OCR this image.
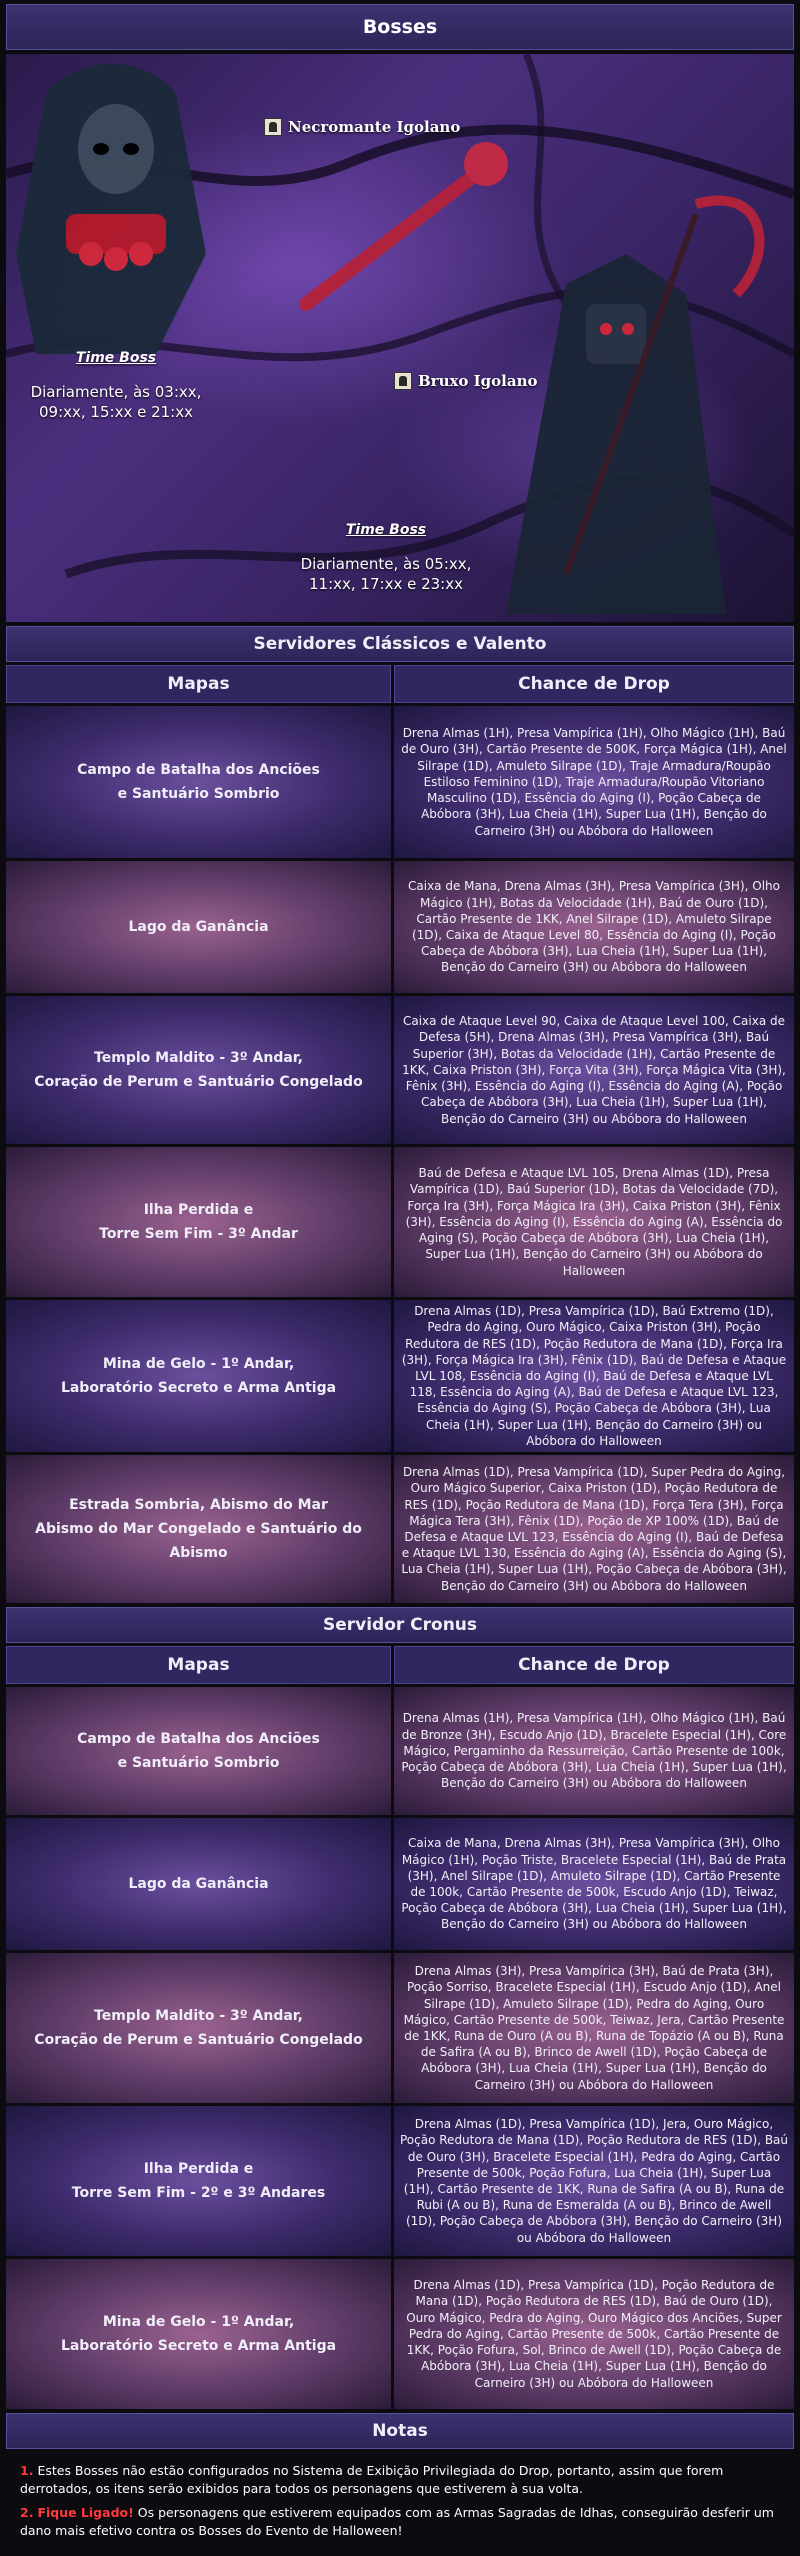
Bosses
Necromante Igolano
Time Boss
Diariamente, às 03:xx, 09:xx, 15:xx e 21:xx
Bruxo Igolano
Time Boss
Diariamente, às 05:xx, 11:xx, 17:xx e 23:xx
Servidores Clássicos e Valento
Mapas	Chance de Drop
Campo de Batalha dos Anciões
e Santuário Sombrio
Drena Almas (1H), Presa Vampírica (1H), Olho Mágico (1H), Baú de Ouro (3H), Cartão Presente de 500K, Força Mágica (1H), Anel Silrape (1D), Amuleto Silrape (1D), Traje Armadura/Roupão Estiloso Feminino (1D), Traje Armadura/Roupão Vitoriano Masculino (1D), Essência do Aging (I), Poção Cabeça de Abóbora (3H), Lua Cheia (1H), Super Lua (1H), Benção do Carneiro (3H) ou Abóbora do Halloween
Lago da Ganância
Caixa de Mana, Drena Almas (3H), Presa Vampírica (3H), Olho Mágico (1H), Botas da Velocidade (1H), Baú de Ouro (1D), Cartão Presente de 1KK, Anel Silrape (1D), Amuleto Silrape (1D), Caixa de Ataque Level 80, Essência do Aging (I), Poção Cabeça de Abóbora (3H), Lua Cheia (1H), Super Lua (1H), Benção do Carneiro (3H) ou Abóbora do Halloween
Templo Maldito - 3º Andar,
Coração de Perum e Santuário Congelado
Caixa de Ataque Level 90, Caixa de Ataque Level 100, Caixa de Defesa (5H), Drena Almas (3H), Presa Vampírica (3H), Baú Superior (3H), Botas da Velocidade (1H), Cartão Presente de 1KK, Caixa Priston (3H), Força Vita (3H), Força Mágica Vita (3H), Fênix (3H), Essência do Aging (I), Essência do Aging (A), Poção Cabeça de Abóbora (3H), Lua Cheia (1H), Super Lua (1H), Benção do Carneiro (3H) ou Abóbora do Halloween
Ilha Perdida e
Torre Sem Fim - 3º Andar
Baú de Defesa e Ataque LVL 105, Drena Almas (1D), Presa Vampírica (1D), Baú Superior (1D), Botas da Velocidade (7D), Força Ira (3H), Força Mágica Ira (3H), Caixa Priston (3H), Fênix (3H), Essência do Aging (I), Essência do Aging (A), Essência do Aging (S), Poção Cabeça de Abóbora (3H), Lua Cheia (1H), Super Lua (1H), Benção do Carneiro (3H) ou Abóbora do Halloween
Mina de Gelo - 1º Andar,
Laboratório Secreto e Arma Antiga
Drena Almas (1D), Presa Vampírica (1D), Baú Extremo (1D), Pedra do Aging, Ouro Mágico, Caixa Priston (3H), Poção Redutora de RES (1D), Poção Redutora de Mana (1D), Força Ira (3H), Força Mágica Ira (3H), Fênix (1D), Baú de Defesa e Ataque LVL 108, Essência do Aging (I), Baú de Defesa e Ataque LVL 118, Essência do Aging (A), Baú de Defesa e Ataque LVL 123, Essência do Aging (S), Poção Cabeça de Abóbora (3H), Lua Cheia (1H), Super Lua (1H), Benção do Carneiro (3H) ou Abóbora do Halloween
Estrada Sombria, Abismo do Mar
Abismo do Mar Congelado e Santuário do Abismo
Drena Almas (1D), Presa Vampírica (1D), Super Pedra do Aging, Ouro Mágico Superior, Caixa Priston (1D), Poção Redutora de RES (1D), Poção Redutora de Mana (1D), Força Tera (3H), Força Mágica Tera (3H), Fênix (1D), Poção de XP 100% (1D), Baú de Defesa e Ataque LVL 123, Essência do Aging (I), Baú de Defesa e Ataque LVL 130, Essência do Aging (A), Essência do Aging (S), Lua Cheia (1H), Super Lua (1H), Poção Cabeça de Abóbora (3H), Benção do Carneiro (3H) ou Abóbora do Halloween
Servidor Cronus
Mapas	Chance de Drop
Campo de Batalha dos Anciões
e Santuário Sombrio
Drena Almas (1H), Presa Vampírica (1H), Olho Mágico (1H), Baú de Bronze (3H), Escudo Anjo (1D), Bracelete Especial (1H), Core Mágico, Pergaminho da Ressurreição, Cartão Presente de 100k, Poção Cabeça de Abóbora (3H), Lua Cheia (1H), Super Lua (1H), Benção do Carneiro (3H) ou Abóbora do Halloween
Lago da Ganância
Caixa de Mana, Drena Almas (3H), Presa Vampírica (3H), Olho Mágico (1H), Poção Triste, Bracelete Especial (1H), Baú de Prata (3H), Anel Silrape (1D), Amuleto Silrape (1D), Cartão Presente de 100k, Cartão Presente de 500k, Escudo Anjo (1D), Teiwaz, Poção Cabeça de Abóbora (3H), Lua Cheia (1H), Super Lua (1H), Benção do Carneiro (3H) ou Abóbora do Halloween
Templo Maldito - 3º Andar,
Coração de Perum e Santuário Congelado
Drena Almas (3H), Presa Vampírica (3H), Baú de Prata (3H), Poção Sorriso, Bracelete Especial (1H), Escudo Anjo (1D), Anel Silrape (1D), Amuleto Silrape (1D), Pedra do Aging, Ouro Mágico, Cartão Presente de 500k, Teiwaz, Jera, Cartão Presente de 1KK, Runa de Ouro (A ou B), Runa de Topázio (A ou B), Runa de Safira (A ou B), Brinco de Awell (1D), Poção Cabeça de Abóbora (3H), Lua Cheia (1H), Super Lua (1H), Benção do Carneiro (3H) ou Abóbora do Halloween
Ilha Perdida e
Torre Sem Fim - 2º e 3º Andares
Drena Almas (1D), Presa Vampírica (1D), Jera, Ouro Mágico, Poção Redutora de Mana (1D), Poção Redutora de RES (1D), Baú de Ouro (3H), Bracelete Especial (1H), Pedra do Aging, Cartão Presente de 500k, Poção Fofura, Lua Cheia (1H), Super Lua (1H), Cartão Presente de 1KK, Runa de Safira (A ou B), Runa de Rubi (A ou B), Runa de Esmeralda (A ou B), Brinco de Awell (1D), Poção Cabeça de Abóbora (3H), Benção do Carneiro (3H) ou Abóbora do Halloween
Mina de Gelo - 1º Andar,
Laboratório Secreto e Arma Antiga
Drena Almas (1D), Presa Vampírica (1D), Poção Redutora de Mana (1D), Poção Redutora de RES (1D), Baú de Ouro (1D), Ouro Mágico, Pedra do Aging, Ouro Mágico dos Anciões, Super Pedra do Aging, Cartão Presente de 500k, Cartão Presente de 1KK, Poção Fofura, Sol, Brinco de Awell (1D), Poção Cabeça de Abóbora (3H), Lua Cheia (1H), Super Lua (1H), Benção do Carneiro (3H) ou Abóbora do Halloween
Notas

1. Estes Bosses não estão configurados no Sistema de Exibição Privilegiada do Drop, portanto, assim que forem derrotados, os itens serão exibidos para todos os personagens que estiverem à sua volta.

2. Fique Ligado! Os personagens que estiverem equipados com as Armas Sagradas de Idhas, conseguirão desferir um dano mais efetivo contra os Bosses do Evento de Halloween!
